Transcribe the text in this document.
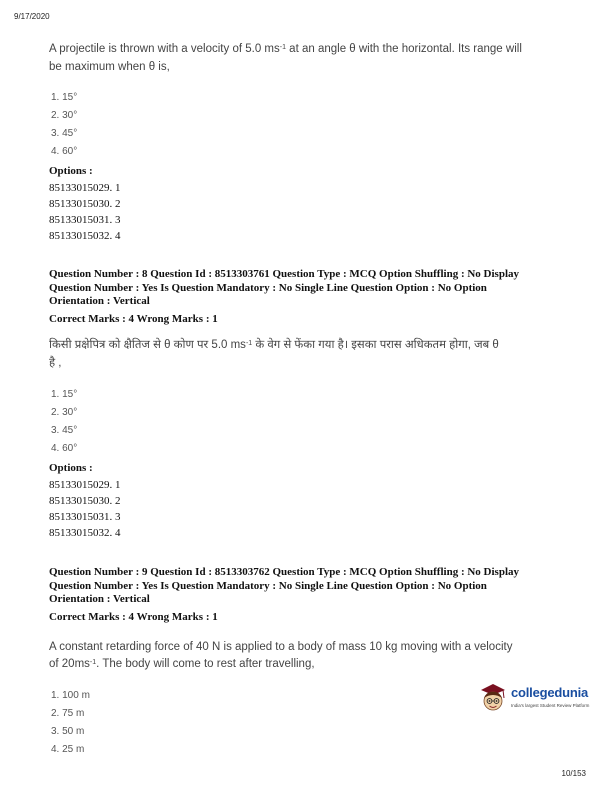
9/17/2020
A projectile is thrown with a velocity of 5.0 $ms^{-1}$ at an angle θ with the horizontal. Its range will
be maximum when θ is,
1. 15°
2. 30°
3. 45°
4. 60°
Options :
85133015029. 1
85133015030. 2
85133015031. 3
85133015032. 4
Question Number : 8 Question Id : 8513303761 Question Type : MCQ Option Shuffling : No Display
Question Number : Yes Is Question Mandatory : No Single Line Question Option : No Option
Orientation : Vertical
Correct Marks : 4 Wrong Marks : 1
किसी प्रक्षेपित्र को क्षैतिज से θ कोण पर 5.0 $ms^{-1}$ के वेग से फेंका गया है। इसका परास अधिकतम होगा, जब θ
है ,
1. 15°
2. 30°
3. 45°
4. 60°
Options :
85133015029. 1
85133015030. 2
85133015031. 3
85133015032. 4
Question Number : 9 Question Id : 8513303762 Question Type : MCQ Option Shuffling : No Display
Question Number : Yes Is Question Mandatory : No Single Line Question Option : No Option
Orientation : Vertical
Correct Marks : 4 Wrong Marks : 1
A constant retarding force of 40 N is applied to a body of mass 10 kg moving with a velocity
of $20ms^{-1}$. The body will come to rest after travelling,
1. 100 m
2. 75 m
3. 50 m
4. 25 m
collegedunia
India's largest Student Review Platform
10/153
